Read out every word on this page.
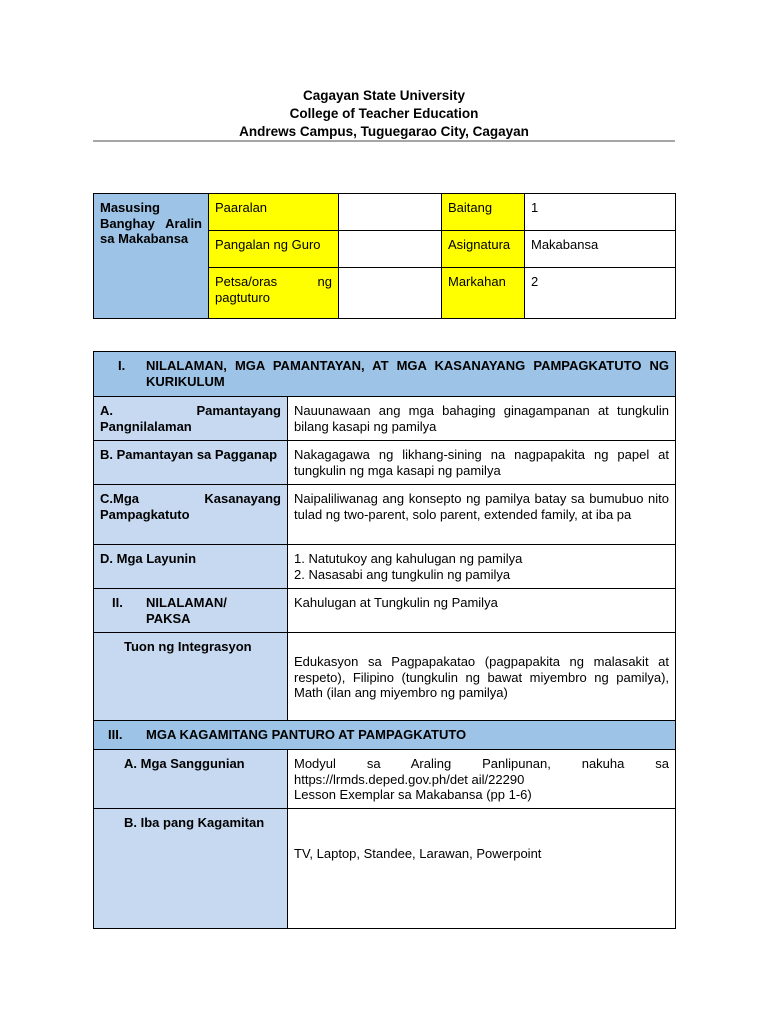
Cagayan State University
College of Teacher Education
Andrews Campus, Tuguegarao City, Cagayan
Masusing Banghay Aralin sa Makabansa	Paaralan		Baitang	1
	Pangalan ng Guro		Asignatura	Makabansa
	Petsa/oras ng pagtuturo		Markahan	2
I. NILALAMAN, MGA PAMANTAYAN, AT MGA KASANAYANG PAMPAGKATUTO NG KURIKULUM	

A. Pamantayang Pangnilalaman	Nauunawaan ang mga bahaging ginagampanan at tungkulin bilang kasapi ng pamilya
B. Pamantayan sa Pagganap	Nakagagawa ng likhang-sining na nagpapakita ng papel at tungkulin ng mga kasapi ng pamilya
C.Mga Kasanayang Pampagkatuto	Naipaliliwanag ang konsepto ng pamilya batay sa bumubuo nito tulad ng two-parent, solo parent, extended family, at iba pa
D. Mga Layunin	1. Natutukoy ang kahulugan ng pamilya
2. Nasasabi ang tungkulin ng pamilya

II. NILALAMAN/ PAKSA	Kahulugan at Tungkulin ng Pamilya

Tuon ng Integrasyon	Edukasyon sa Pagpapakatao (pagpapakita ng malasakit at respeto), Filipino (tungkulin ng bawat miyembro ng pamilya), Math (ilan ang miyembro ng pamilya)

III. MGA KAGAMITANG PANTURO AT PAMPAGKATUTO	

A. Mga Sanggunian	Modyul sa Araling Panlipunan, nakuha sa
https://lrmds.deped.gov.ph/det ail/22290
Lesson Exemplar sa Makabansa (pp 1-6)

B. Iba pang Kagamitan	TV, Laptop, Standee, Larawan, Powerpoint
